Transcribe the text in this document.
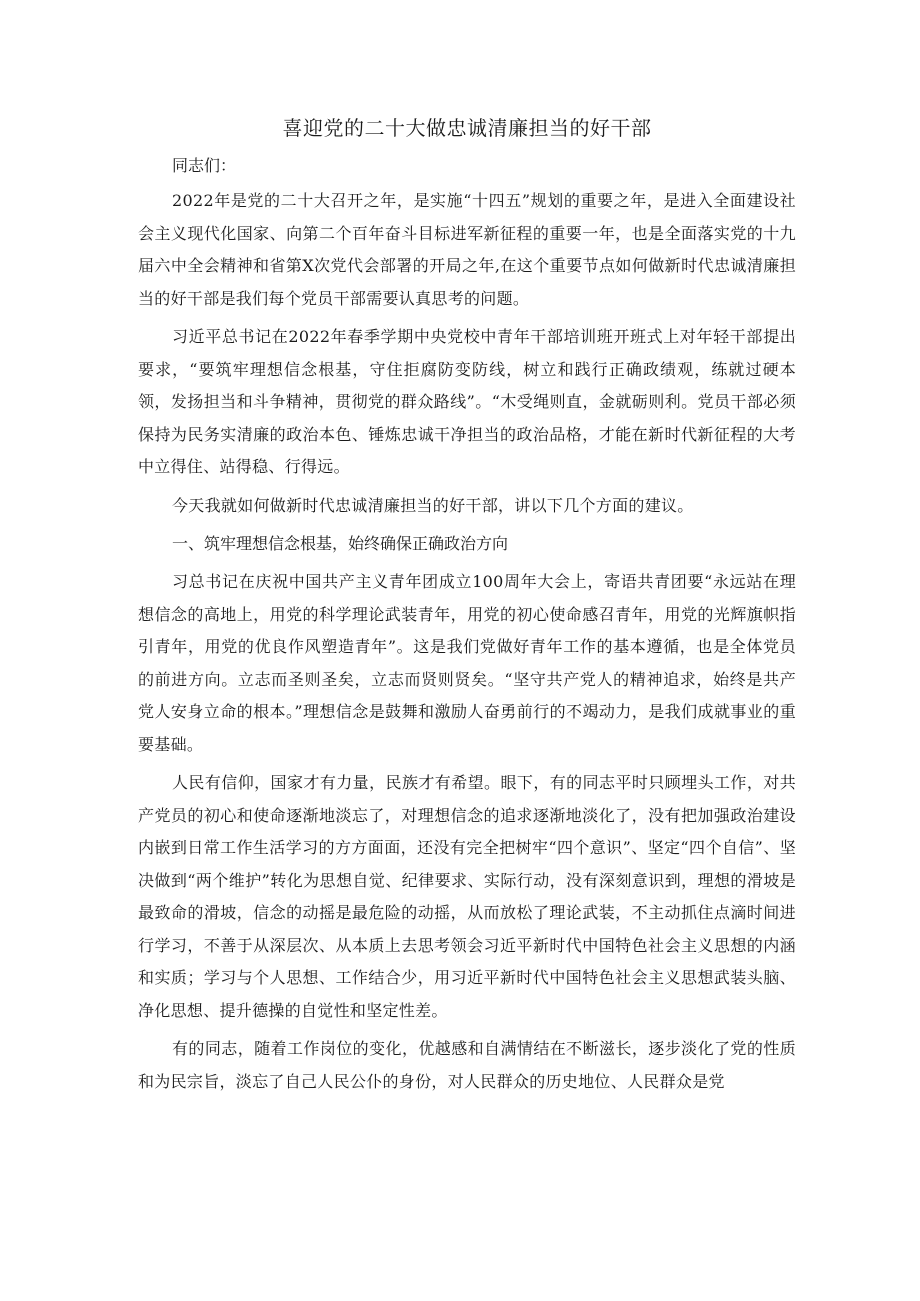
喜迎党的二十大做忠诚清廉担当的好干部

同志们：

2022年是党的二十大召开之年，是实施“十四五”规划的重要之年，是进入全面建设社会主义现代化国家、向第二个百年奋斗目标进军新征程的重要一年，也是全面落实党的十九届六中全会精神和省第X次党代会部署的开局之年,在这个重要节点如何做新时代忠诚清廉担当的好干部是我们每个党员干部需要认真思考的问题。

习近平总书记在2022年春季学期中央党校中青年干部培训班开班式上对年轻干部提出要求，“要筑牢理想信念根基，守住拒腐防变防线，树立和践行正确政绩观，练就过硬本领，发扬担当和斗争精神，贯彻党的群众路线”。“木受绳则直，金就砺则利。党员干部必须保持为民务实清廉的政治本色、锤炼忠诚干净担当的政治品格，才能在新时代新征程的大考中立得住、站得稳、行得远。

今天我就如何做新时代忠诚清廉担当的好干部，讲以下几个方面的建议。

一、筑牢理想信念根基，始终确保正确政治方向

习总书记在庆祝中国共产主义青年团成立100周年大会上，寄语共青团要“永远站在理想信念的高地上，用党的科学理论武装青年，用党的初心使命感召青年，用党的光辉旗帜指引青年，用党的优良作风塑造青年”。这是我们党做好青年工作的基本遵循，也是全体党员的前进方向。立志而圣则圣矣，立志而贤则贤矣。“坚守共产党人的精神追求，始终是共产党人安身立命的根本。”理想信念是鼓舞和激励人奋勇前行的不竭动力，是我们成就事业的重要基础。

人民有信仰，国家才有力量，民族才有希望。眼下，有的同志平时只顾埋头工作，对共产党员的初心和使命逐渐地淡忘了，对理想信念的追求逐渐地淡化了，没有把加强政治建设内嵌到日常工作生活学习的方方面面，还没有完全把树牢“四个意识”、坚定“四个自信”、坚决做到“两个维护”转化为思想自觉、纪律要求、实际行动，没有深刻意识到，理想的滑坡是最致命的滑坡，信念的动摇是最危险的动摇，从而放松了理论武装，不主动抓住点滴时间进行学习，不善于从深层次、从本质上去思考领会习近平新时代中国特色社会主义思想的内涵和实质；学习与个人思想、工作结合少，用习近平新时代中国特色社会主义思想武装头脑、净化思想、提升德操的自觉性和坚定性差。

有的同志，随着工作岗位的变化，优越感和自满情结在不断滋长，逐步淡化了党的性质和为民宗旨，淡忘了自己人民公仆的身份，对人民群众的历史地位、人民群众是党
